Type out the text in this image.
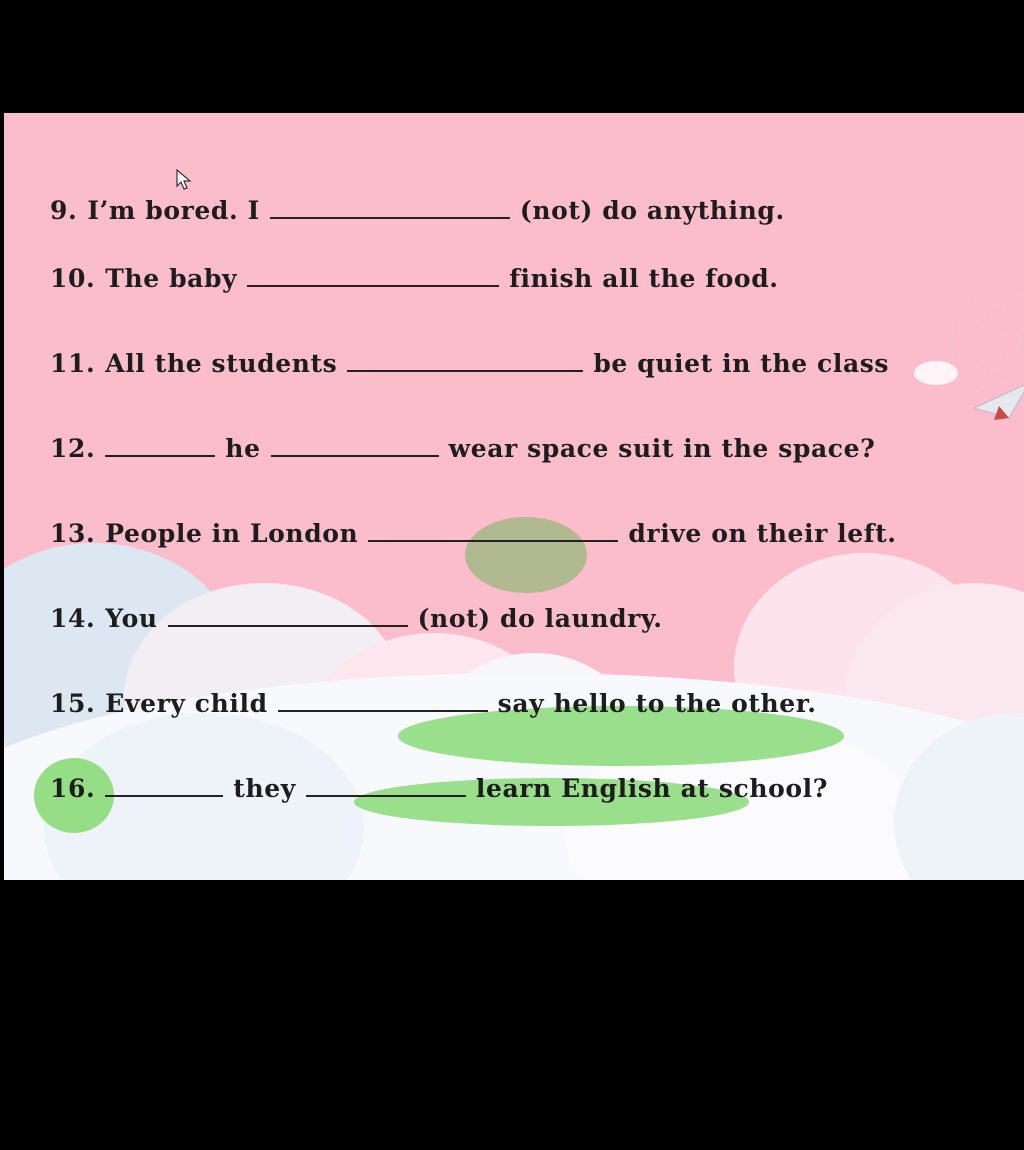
9. I’m bored. I	(not) do anything.
10. The baby	finish all the food.
11. All the students	be quiet in the class
12.	he	wear space suit in the space?
13. People in London	drive on their left.
14. You	(not) do laundry.
15. Every child	say hello to the other.
16.	they	learn English at school?
